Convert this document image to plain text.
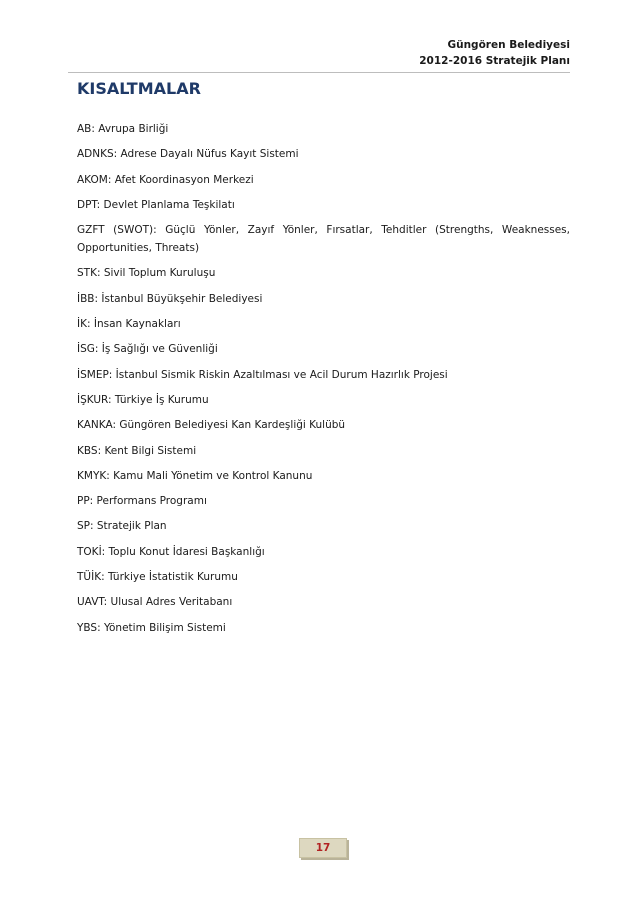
Güngören Belediyesi
2012-2016 Stratejik Planı
KISALTMALAR
AB: Avrupa Birliği
ADNKS: Adrese Dayalı Nüfus Kayıt Sistemi
AKOM: Afet Koordinasyon Merkezi
DPT: Devlet Planlama Teşkilatı
GZFT (SWOT): Güçlü Yönler, Zayıf Yönler, Fırsatlar, Tehditler (Strengths, Weaknesses, Opportunities, Threats)
STK: Sivil Toplum Kuruluşu
İBB: İstanbul Büyükşehir Belediyesi
İK: İnsan Kaynakları
İSG: İş Sağlığı ve Güvenliği
İSMEP: İstanbul Sismik Riskin Azaltılması ve Acil Durum Hazırlık Projesi
İŞKUR: Türkiye İş Kurumu
KANKA: Güngören Belediyesi Kan Kardeşliği Kulübü
KBS: Kent Bilgi Sistemi
KMYK: Kamu Mali Yönetim ve Kontrol Kanunu
PP: Performans Programı
SP: Stratejik Plan
TOKİ: Toplu Konut İdaresi Başkanlığı
TÜİK: Türkiye İstatistik Kurumu
UAVT: Ulusal Adres Veritabanı
YBS: Yönetim Bilişim Sistemi
17
